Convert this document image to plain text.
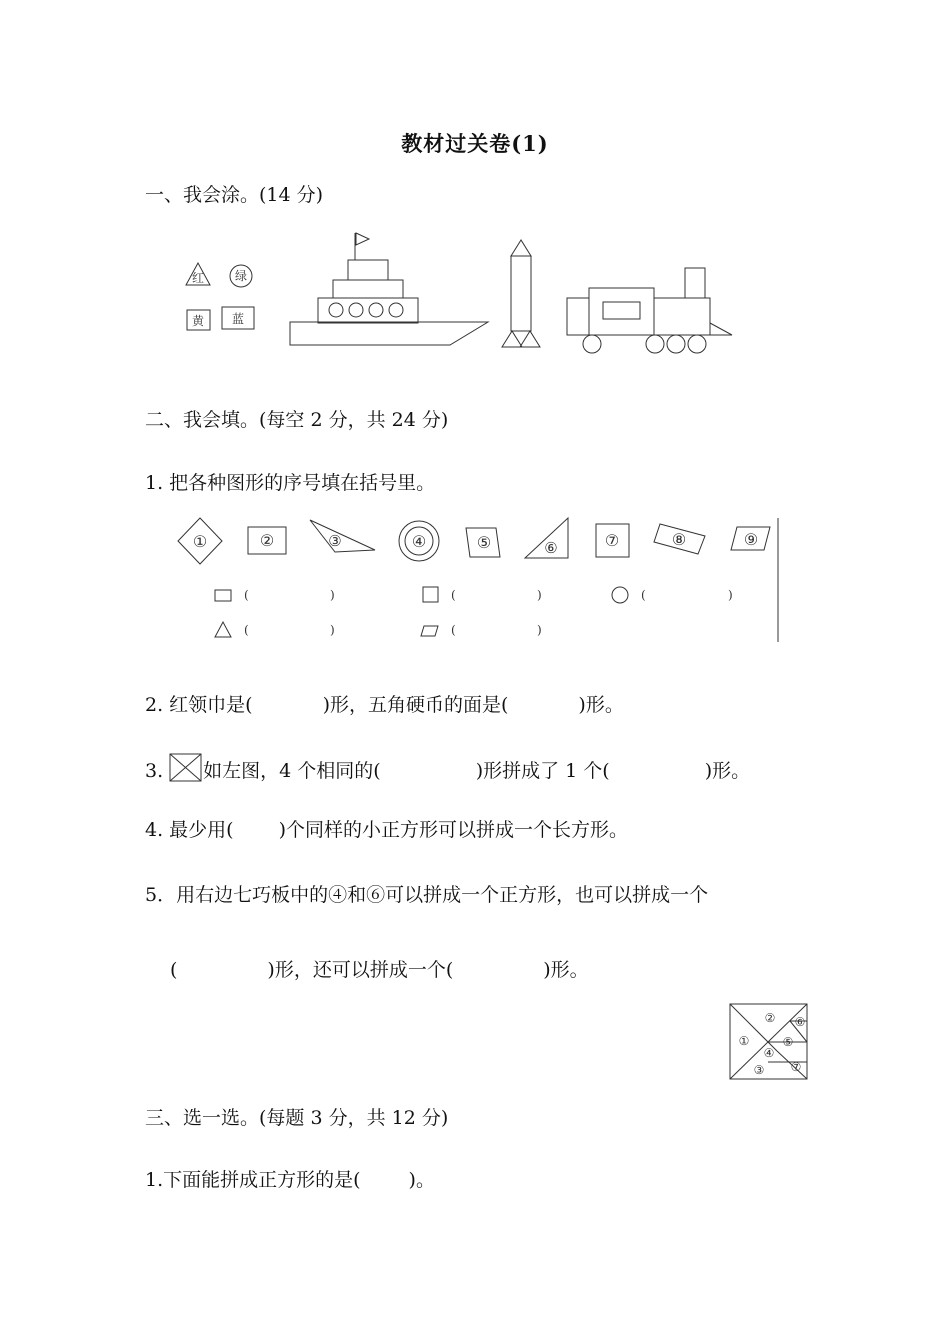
教材过关卷(1)
一、我会涂。(14 分)
红	绿
黄 蓝
二、我会填。(每空 2 分，共 24 分)
1. 把各种图形的序号填在括号里。
①	②	③	④	⑤	⑥	⑦	⑧	⑨
(	)	(	)	(	)
(	)	(	)
2. 红领巾是(	)形，五角硬币的面是(	)形。
3. 如左图，4 个相同的(	)形拼成了 1 个(	)形。
4. 最少用( )个同样的小正方形可以拼成一个长方形。
5．用右边七巧板中的④和⑥可以拼成一个正方形，也可以拼成一个
(	)形，还可以拼成一个(	)形。
①
②
③
④
⑤
⑥
⑦
三、选一选。(每题 3 分，共 12 分)
1.下面能拼成正方形的是(	)。
